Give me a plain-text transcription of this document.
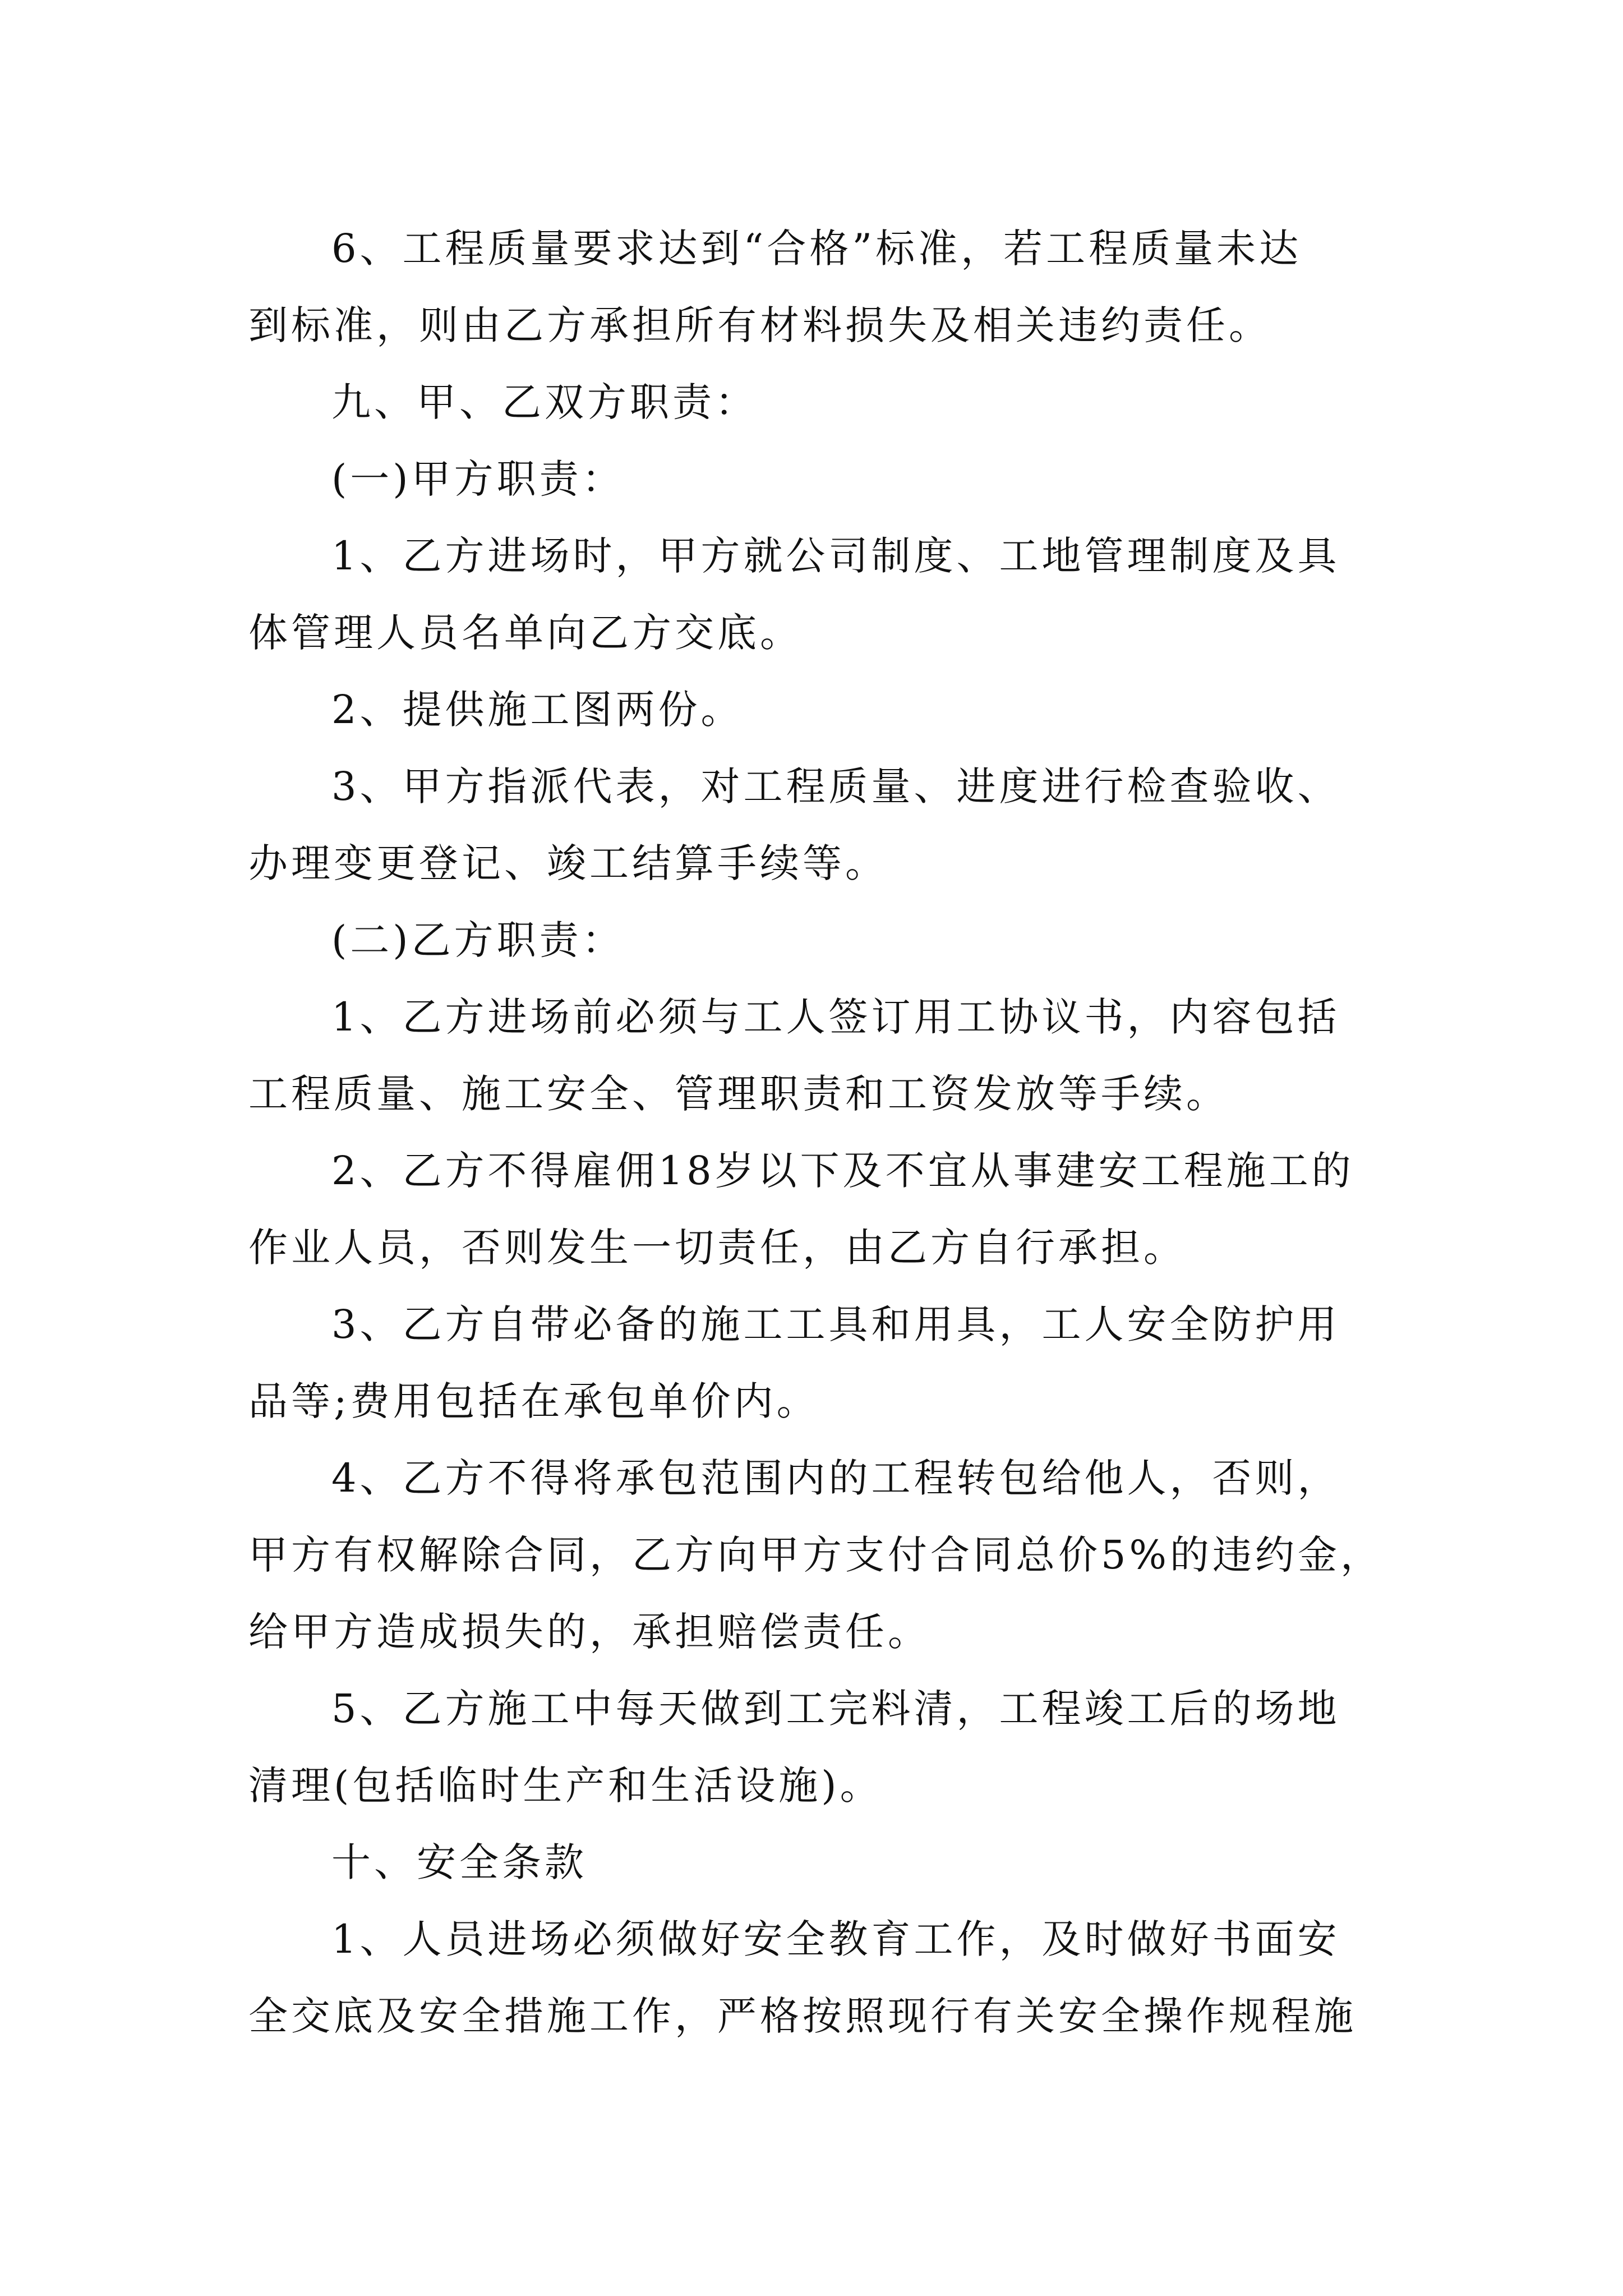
6、工程质量要求达到“合格”标准，若工程质量未达
到标准，则由乙方承担所有材料损失及相关违约责任。
九、甲、乙双方职责：
(一)甲方职责：
1、乙方进场时，甲方就公司制度、工地管理制度及具
体管理人员名单向乙方交底。
2、提供施工图两份。
3、甲方指派代表，对工程质量、进度进行检查验收、
办理变更登记、竣工结算手续等。
(二)乙方职责：
1、乙方进场前必须与工人签订用工协议书，内容包括
工程质量、施工安全、管理职责和工资发放等手续。
2、乙方不得雇佣18岁以下及不宜从事建安工程施工的
作业人员，否则发生一切责任，由乙方自行承担。
3、乙方自带必备的施工工具和用具，工人安全防护用
品等;费用包括在承包单价内。
4、乙方不得将承包范围内的工程转包给他人，否则，
甲方有权解除合同，乙方向甲方支付合同总价5%的违约金，
给甲方造成损失的，承担赔偿责任。
5、乙方施工中每天做到工完料清，工程竣工后的场地
清理(包括临时生产和生活设施)。
十、安全条款
1、人员进场必须做好安全教育工作，及时做好书面安
全交底及安全措施工作，严格按照现行有关安全操作规程施
